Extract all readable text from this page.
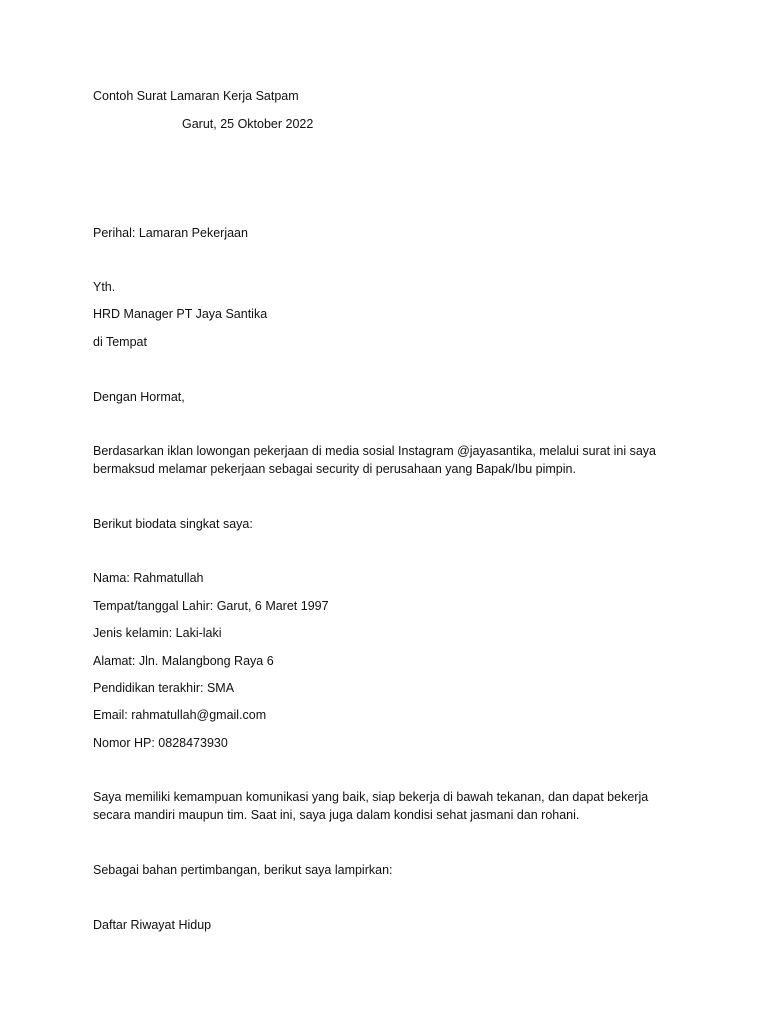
Contoh Surat Lamaran Kerja Satpam
Garut, 25 Oktober 2022
Perihal: Lamaran Pekerjaan
Yth.
HRD Manager PT Jaya Santika
di Tempat
Dengan Hormat,
Berdasarkan iklan lowongan pekerjaan di media sosial Instagram @jayasantika, melalui surat ini saya
bermaksud melamar pekerjaan sebagai security di perusahaan yang Bapak/Ibu pimpin.
Berikut biodata singkat saya:
Nama: Rahmatullah
Tempat/tanggal Lahir: Garut, 6 Maret 1997
Jenis kelamin: Laki-laki
Alamat: Jln. Malangbong Raya 6
Pendidikan terakhir: SMA
Email: rahmatullah@gmail.com
Nomor HP: 0828473930
Saya memiliki kemampuan komunikasi yang baik, siap bekerja di bawah tekanan, dan dapat bekerja
secara mandiri maupun tim. Saat ini, saya juga dalam kondisi sehat jasmani dan rohani.
Sebagai bahan pertimbangan, berikut saya lampirkan:
Daftar Riwayat Hidup
